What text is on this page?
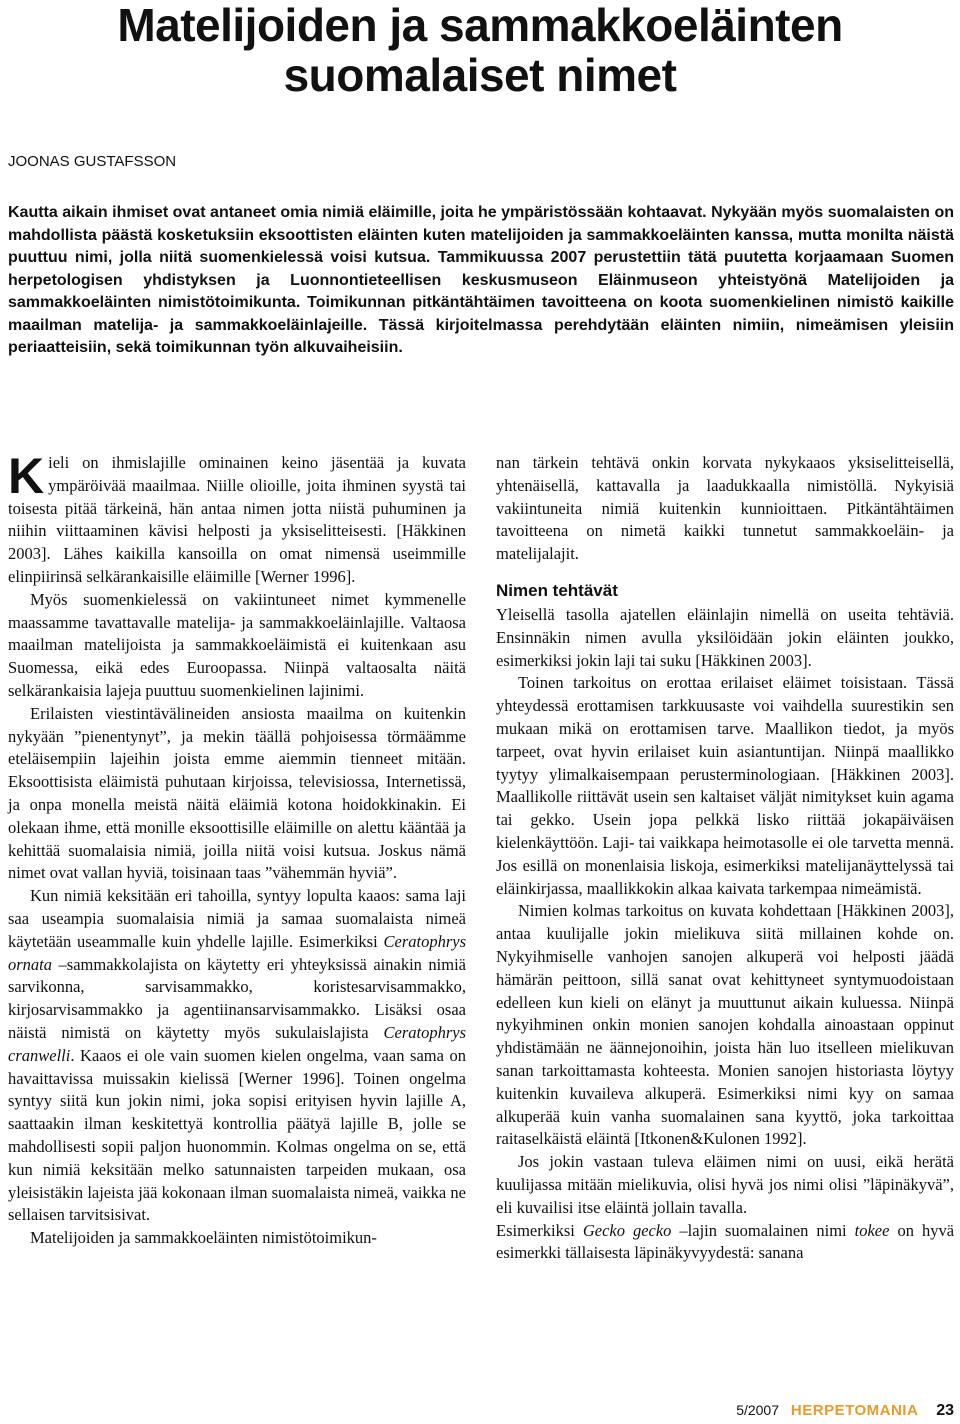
Matelijoiden ja sammakkoeläinten suomalaiset nimet

JOONAS GUSTAFSSON

Kautta aikain ihmiset ovat antaneet omia nimiä eläimille, joita he ympäristössään kohtaavat. Nykyään myös suomalaisten on mahdollista päästä kosketuksiin eksoottisten eläinten kuten matelijoiden ja sammakkoeläinten kanssa, mutta monilta näistä puuttuu nimi, jolla niitä suomenkielessä voisi kutsua. Tammikuussa 2007 perustettiin tätä puutetta korjaamaan Suomen herpetologisen yhdistyksen ja Luonnontieteellisen keskusmuseon Eläinmuseon yhteistyönä Matelijoiden ja sammakkoeläinten nimistötoimikunta. Toimikunnan pitkäntähtäimen tavoitteena on koota suomenkielinen nimistö kaikille maailman matelija- ja sammakkoeläinlajeille. Tässä kirjoitelmassa perehdytään eläinten nimiin, nimeämisen yleisiin periaatteisiin, sekä toimikunnan työn alkuvaiheisiin.

Kieli on ihmislajille ominainen keino jäsentää ja kuvata ympäröivää maailmaa. Niille olioille, joita ihminen syystä tai toisesta pitää tärkeinä, hän antaa nimen jotta niistä puhuminen ja niihin viittaaminen kävisi helposti ja yksiselitteisesti. [Häkkinen 2003]. Lähes kaikilla kansoilla on omat nimensä useimmille elinpiirinsä selkärankaisille eläimille [Werner 1996].

Myös suomenkielessä on vakiintuneet nimet kymmenelle maassamme tavattavalle matelija- ja sammakkoeläinlajille. Valtaosa maailman matelijoista ja sammakkoeläimistä ei kuitenkaan asu Suomessa, eikä edes Euroopassa. Niinpä valtaosalta näitä selkärankaisia lajeja puuttuu suomenkielinen lajinimi.

Erilaisten viestintävälineiden ansiosta maailma on kuitenkin nykyään ”pienentynyt”, ja mekin täällä pohjoisessa törmäämme eteläisempiin lajeihin joista emme aiemmin tienneet mitään. Eksoottisista eläimistä puhutaan kirjoissa, televisiossa, Internetissä, ja onpa monella meistä näitä eläimiä kotona hoidokkinakin. Ei olekaan ihme, että monille eksoottisille eläimille on alettu kääntää ja kehittää suomalaisia nimiä, joilla niitä voisi kutsua. Joskus nämä nimet ovat vallan hyviä, toisinaan taas ”vähemmän hyviä”.

Kun nimiä keksitään eri tahoilla, syntyy lopulta kaaos: sama laji saa useampia suomalaisia nimiä ja samaa suomalaista nimeä käytetään useammalle kuin yhdelle lajille. Esimerkiksi Ceratophrys ornata –sammakkolajista on käytetty eri yhteyksissä ainakin nimiä sarvikonna, sarvisammakko, koristesarvisammakko, kirjosarvisammakko ja agentiinansarvisammakko. Lisäksi osaa näistä nimistä on käytetty myös sukulaislajista Ceratophrys cranwelli. Kaaos ei ole vain suomen kielen ongelma, vaan sama on havaittavissa muissakin kielissä [Werner 1996]. Toinen ongelma syntyy siitä kun jokin nimi, joka sopisi erityisen hyvin lajille A, saattaakin ilman keskitettyä kontrollia päätyä lajille B, jolle se mahdollisesti sopii paljon huonommin. Kolmas ongelma on se, että kun nimiä keksitään melko satunnaisten tarpeiden mukaan, osa yleisistäkin lajeista jää kokonaan ilman suomalaista nimeä, vaikka ne sellaisen tarvitsisivat.

Matelijoiden ja sammakkoeläinten nimistötoimikun-

nan tärkein tehtävä onkin korvata nykykaaos yksiselitteisellä, yhtenäisellä, kattavalla ja laadukkaalla nimistöllä. Nykyisiä vakiintuneita nimiä kuitenkin kunnioittaen. Pitkäntähtäimen tavoitteena on nimetä kaikki tunnetut sammakkoeläin- ja matelijalajit.

Nimen tehtävät

Yleisellä tasolla ajatellen eläinlajin nimellä on useita tehtäviä. Ensinnäkin nimen avulla yksilöidään jokin eläinten joukko, esimerkiksi jokin laji tai suku [Häkkinen 2003].

Toinen tarkoitus on erottaa erilaiset eläimet toisistaan. Tässä yhteydessä erottamisen tarkkuusaste voi vaihdella suurestikin sen mukaan mikä on erottamisen tarve. Maallikon tiedot, ja myös tarpeet, ovat hyvin erilaiset kuin asiantuntijan. Niinpä maallikko tyytyy ylimalkaisempaan perusterminologiaan. [Häkkinen 2003]. Maallikolle riittävät usein sen kaltaiset väljät nimitykset kuin agama tai gekko. Usein jopa pelkkä lisko riittää jokapäiväisen kielenkäyttöön. Laji- tai vaikkapa heimotasolle ei ole tarvetta mennä. Jos esillä on monenlaisia liskoja, esimerkiksi matelijanäyttelyssä tai eläinkirjassa, maallikkokin alkaa kaivata tarkempaa nimeämistä.

Nimien kolmas tarkoitus on kuvata kohdettaan [Häkkinen 2003], antaa kuulijalle jokin mielikuva siitä millainen kohde on. Nykyihmiselle vanhojen sanojen alkuperä voi helposti jäädä hämärän peittoon, sillä sanat ovat kehittyneet syntymuodoistaan edelleen kun kieli on elänyt ja muuttunut aikain kuluessa. Niinpä nykyihminen onkin monien sanojen kohdalla ainoastaan oppinut yhdistämään ne äännejonoihin, joista hän luo itselleen mielikuvan sanan tarkoittamasta kohteesta. Monien sanojen historiasta löytyy kuitenkin kuvaileva alkuperä. Esimerkiksi nimi kyy on samaa alkuperää kuin vanha suomalainen sana kyyttö, joka tarkoittaa raitaselkäistä eläintä [Itkonen&Kulonen 1992].

Jos jokin vastaan tuleva eläimen nimi on uusi, eikä herätä kuulijassa mitään mielikuvia, olisi hyvä jos nimi olisi ”läpinäkyvä”, eli kuvailisi itse eläintä jollain tavalla.

Esimerkiksi Gecko gecko –lajin suomalainen nimi tokee on hyvä esimerkki tällaisesta läpinäkyvyydestä: sanana

5/2007 HERPETOMANIA 23
